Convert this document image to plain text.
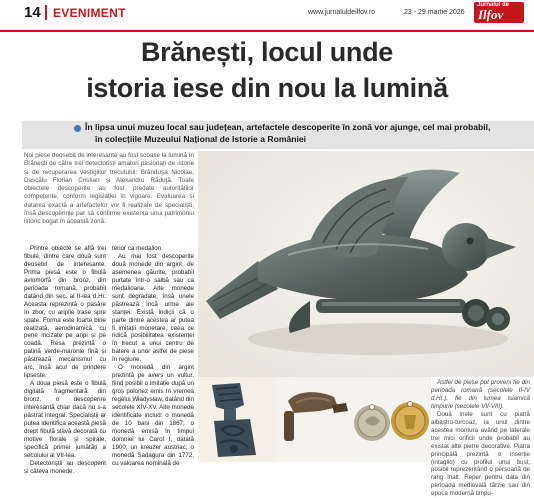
14 EVENIMENT	www.jurnaluldeilfov.ro	23 - 29 martie 2026
Jurnalul de
Ilfov
Brănești, locul unde
istoria iese din nou la lumină
În lipsa unui muzeu local sau județean, artefactele descoperite în zonă vor ajunge, cel mai probabil,
în colecțiile Muzeului Național de Istorie a României
Noi piese deosebit de interesante au fost scoase la lumină în Brănești de către trei detectoriști amatori pasionați de istorie și de recuperarea vestigiilor trecutului: Brândușa Nicolae, Dascălu Florian Cristian și Alexandru Răduță. Toate obiectele descoperite au fost predate autorităților competente, conform legislației în vigoare. Evaluarea și datarea exactă a artefactelor vor fi realizate de specialiști, însă descoperirile par să confirme existența unui patrimoniu istoric bogat în această zonă.

Printre obiecte se află trei fibule, dintre care două sunt deosebit de interesante. Prima piesă este o fibulă aviomorfă din bronz, din perioada romană, probabil datând din sec. al II-lea d.Hr. Aceasta reprezintă o pasăre în zbor, cu aripile trase spre spate. Forma este foarte bine realizată, aerodinamică, cu pene incizate pe aripi și pe coadă. Resa prezintă o patină verde-maronie fină și păstrează mecanismul cu arc, însă acul de prindere lipsește.

A doua piesă este o fibulă digitată fragmentară din bronz, o descoperire interesantă chiar dacă nu s-a păstrat integral. Specialiștii ar putea identifica această piesă drept fibulă slavă decorată cu motive florale și spirale, specifică primei jumătăți a secolului al VII-lea.

Detectoriștii au descoperit și câteva monede.

terior ca medalion.

Au mai fost descoperite două monede din argint, de asemenea găurite, probabil purtate într-o salbă sau ca medalioane. Alte monede sunt degradate, însă unele păstrează încă urme ale ștanței. Există indicii că o parte dintre acestea ar putea fi imitații monetare, ceea ce ridică posibilitatea existenței în trecut a unui centru de batere a unor astfel de piese în regiune.

O monedă din argint prezintă pe avers un vultur, fiind posibil o imitație după un groș polonez emis în vremea regelui Władysław, datând din secolele XIV-XV. Alte monede identificate includ: o monedă de 10 bani din 1867; o monedă emisă în timpul domniei lui Carol I, datată 1900; un kreuzer austriac; o monedă Sadagura din 1772, cu valoarea nominală de

Astfel de piese pot proveni fie din perioada romană (secolele II-IV d.Hr.), fie din lumea islamică timpurie (secolele VII-VIII).

Două inele sunt cu piatră albastru-turcoaz, la unul dintre acestea montura având pe laterale trei mici orificii unde probabil au existat alte pietre decorative. Piatra principală prezintă o inserție (intaglio) cu profilul unui bust, posibil reprezentând o persoană de rang înalt. Reper pentru data din perioada medievală târzie sau din epoca modernă timpu-
